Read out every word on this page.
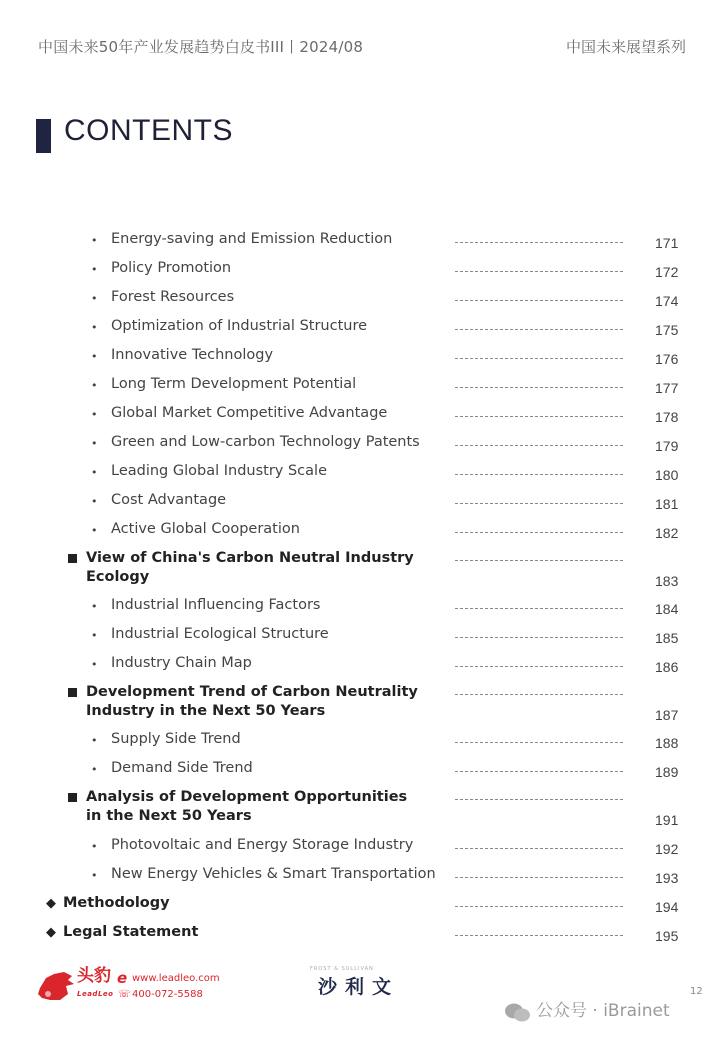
中国未来50年产业发展趋势白皮书III丨2024/08	中国未来展望系列
CONTENTS
• Energy-saving and Emission Reduction	171
• Policy Promotion	172
• Forest Resources	174
• Optimization of Industrial Structure	175
• Innovative Technology	176
• Long Term Development Potential	177
• Global Market Competitive Advantage	178
• Green and Low-carbon Technology Patents	179
• Leading Global Industry Scale	180
• Cost Advantage	181
• Active Global Cooperation	182
View of China's Carbon Neutral Industry Ecology	183
• Industrial Influencing Factors	184
• Industrial Ecological Structure	185
• Industry Chain Map	186
Development Trend of Carbon Neutrality Industry in the Next 50 Years	187
• Supply Side Trend	188
• Demand Side Trend	189
Analysis of Development Opportunities in the Next 50 Years	191
• Photovoltaic and Energy Storage Industry	192
• New Energy Vehicles & Smart Transportation	193
◆ Methodology	194
◆ Legal Statement	195
头豹
LeadLeo
e www.leadleo.com
☏ 400-072-5588
FROST & SULLIVAN
沙利文	12
公众号 · iBrainet
